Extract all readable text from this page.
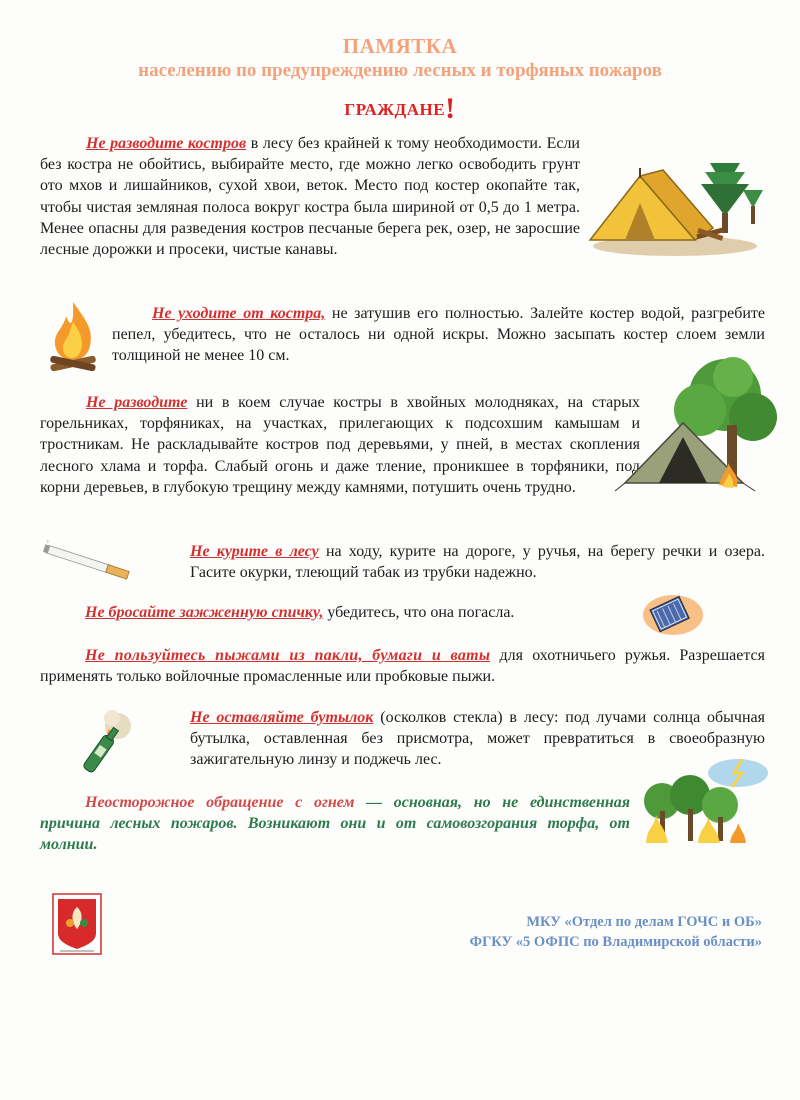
ПАМЯТКА
населению по предупреждению лесных и торфяных пожаров
ГРАЖДАНЕ!
Не разводите костров в лесу без крайней к тому необходимости. Если без костра не обойтись, выбирайте место, где можно легко освободить грунт ото мхов и лишайников, сухой хвои, веток. Место под костер окопайте так, чтобы чистая земляная полоса вокруг костра была шириной от 0,5 до 1 метра. Менее опасны для разведения костров песчаные берега рек, озер, не заросшие лесные дорожки и просеки, чистые канавы.
Не уходите от костра, не затушив его полностью. Залейте костер водой, разгребите пепел, убедитесь, что не осталось ни одной искры. Можно засыпать костер слоем земли толщиной не менее 10 см.
Не разводите ни в коем случае костры в хвойных молодняках, на старых горельниках, торфяниках, на участках, прилегающих к подсохшим камышам и тростникам. Не раскладывайте костров под деревьями, у пней, в местах скопления лесного хлама и торфа. Слабый огонь и даже тление, проникшее в торфяники, под корни деревьев, в глубокую трещину между камнями, потушить очень трудно.
Не курите в лесу на ходу, курите на дороге, у ручья, на берегу речки и озера. Гасите окурки, тлеющий табак из трубки надежно.
Не бросайте зажженную спичку, убедитесь, что она погасла.
Не пользуйтесь пыжами из пакли, бумаги и ваты для охотничьего ружья. Разрешается применять только войлочные промасленные или пробковые пыжи.
Не оставляйте бутылок (осколков стекла) в лесу: под лучами солнца обычная бутылка, оставленная без присмотра, может превратиться в своеобразную зажигательную линзу и поджечь лес.
Неосторожное обращение с огнем — основная, но не единственная причина лесных пожаров. Возникают они и от самовозгорания торфа, от молнии.
МКУ «Отдел по делам ГОЧС и ОБ»
ФГКУ «5 ОФПС по Владимирской области»
